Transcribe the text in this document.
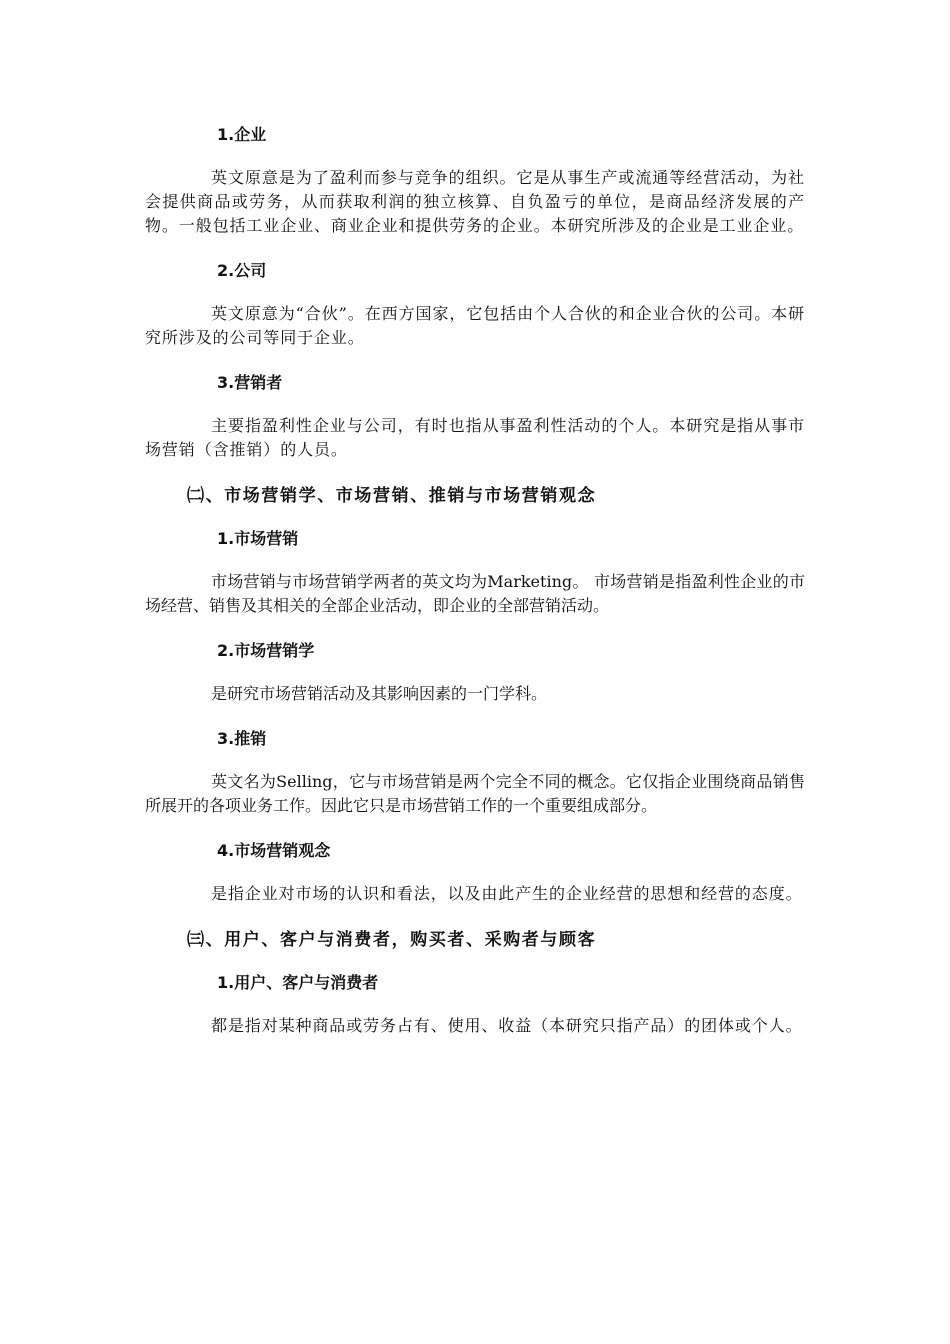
1.企业
英文原意是为了盈利而参与竞争的组织。它是从事生产或流通等经营活动，为社会提供商品或劳务，从而获取利润的独立核算、自负盈亏的单位，是商品经济发展的产物。一般包括工业企业、商业企业和提供劳务的企业。本研究所涉及的企业是工业企业。
2.公司
英文原意为“合伙”。在西方国家，它包括由个人合伙的和企业合伙的公司。本研究所涉及的公司等同于企业。
3.营销者
主要指盈利性企业与公司，有时也指从事盈利性活动的个人。本研究是指从事市场营销（含推销）的人员。
㈡、市场营销学、市场营销、推销与市场营销观念
1.市场营销
市场营销与市场营销学两者的英文均为Marketing。 市场营销是指盈利性企业的市场经营、销售及其相关的全部企业活动，即企业的全部营销活动。
2.市场营销学
是研究市场营销活动及其影响因素的一门学科。
3.推销
英文名为Selling，它与市场营销是两个完全不同的概念。它仅指企业围绕商品销售所展开的各项业务工作。因此它只是市场营销工作的一个重要组成部分。
4.市场营销观念
是指企业对市场的认识和看法，以及由此产生的企业经营的思想和经营的态度。
㈢、用户、客户与消费者，购买者、采购者与顾客
1.用户、客户与消费者
都是指对某种商品或劳务占有、使用、收益（本研究只指产品）的团体或个人。
